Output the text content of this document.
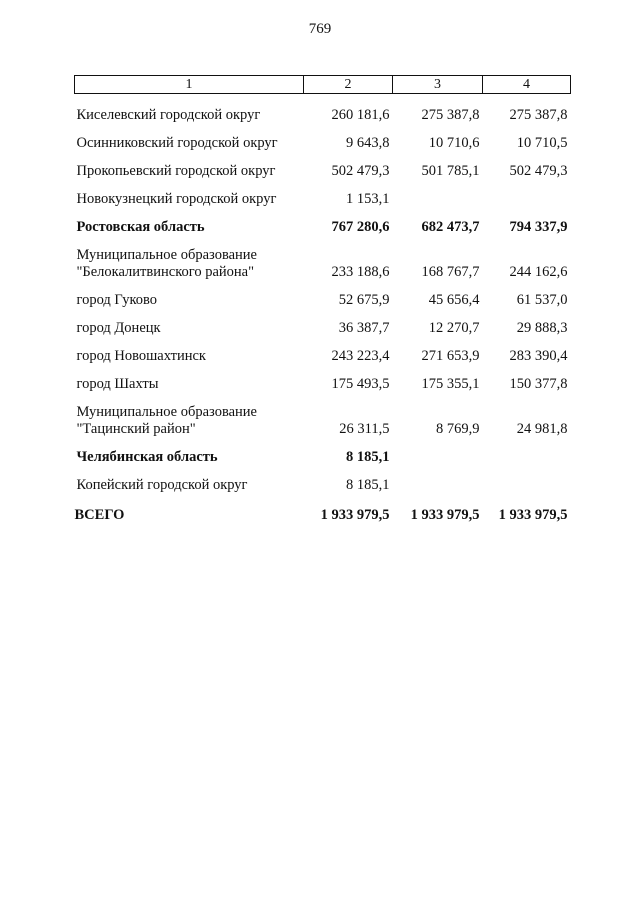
769
1	2	3	4
Киселевский городской округ	260 181,6	275 387,8	275 387,8
Осинниковский городской округ	9 643,8	10 710,6	10 710,5
Прокопьевский городской округ	502 479,3	501 785,1	502 479,3
Новокузнецкий городской округ	1 153,1		
Ростовская область	767 280,6	682 473,7	794 337,9
Муниципальное образование
"Белокалитвинского района"	233 188,6	168 767,7	244 162,6
город Гуково	52 675,9	45 656,4	61 537,0
город Донецк	36 387,7	12 270,7	29 888,3
город Новошахтинск	243 223,4	271 653,9	283 390,4
город Шахты	175 493,5	175 355,1	150 377,8
Муниципальное образование
"Тацинский район"	26 311,5	8 769,9	24 981,8
Челябинская область	8 185,1		
Копейский городской округ	8 185,1		
ВСЕГО	1 933 979,5	1 933 979,5	1 933 979,5
